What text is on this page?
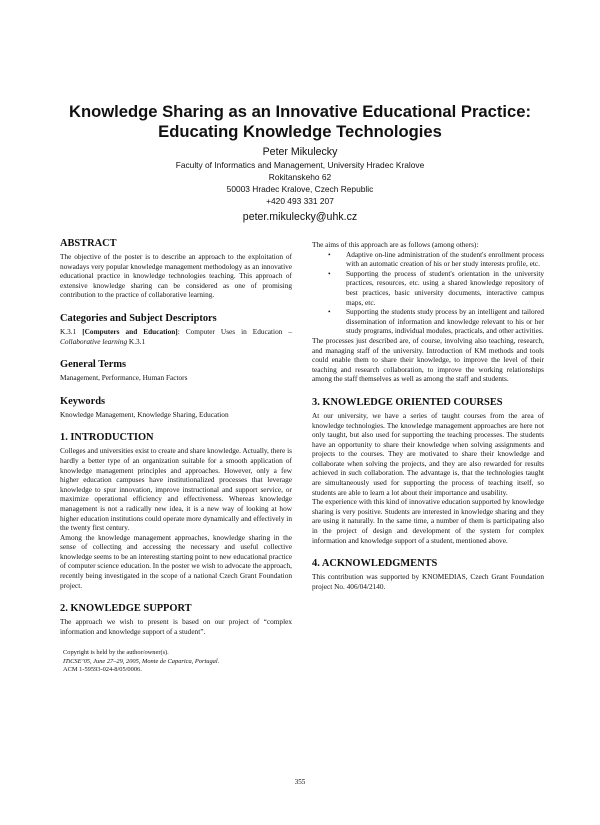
Knowledge Sharing as an Innovative Educational Practice:
Educating Knowledge Technologies
Peter Mikulecky
Faculty of Informatics and Management, University Hradec Kralove
Rokitanskeho 62
50003 Hradec Kralove, Czech Republic
+420 493 331 207
peter.mikulecky@uhk.cz
ABSTRACT

The objective of the poster is to describe an approach to the exploitation of nowadays very popular knowledge management methodology as an innovative educational practice in knowledge technologies teaching. This approach of extensive knowledge sharing can be considered as one of promising contribution to the practice of collaborative learning.

Categories and Subject Descriptors

K.3.1 [Computers and Education]: Computer Uses in Education – Collaborative learning K.3.1

General Terms

Management, Performance, Human Factors

Keywords

Knowledge Management, Knowledge Sharing, Education

1. INTRODUCTION

Colleges and universities exist to create and share knowledge. Actually, there is hardly a better type of an organization suitable for a smooth application of knowledge management principles and approaches. However, only a few higher education campuses have institutionalized processes that leverage knowledge to spur innovation, improve instructional and support service, or maximize operational efficiency and effectiveness. Whereas knowledge management is not a radically new idea, it is a new way of looking at how higher education institutions could operate more dynamically and effectively in the twenty first century.

Among the knowledge management approaches, knowledge sharing in the sense of collecting and accessing the necessary and useful collective knowledge seems to be an interesting starting point to new educational practice of computer science education. In the poster we wish to advocate the approach, recently being investigated in the scope of a national Czech Grant Foundation project.

2. KNOWLEDGE SUPPORT

The approach we wish to present is based on our project of “complex information and knowledge support of a student”.

Copyright is held by the author/owner(s).
ITiCSE’05, June 27–29, 2005, Monte de Caparica, Portugal.
ACM 1-59593-024-8/05/0006.

The aims of this approach are as follows (among others):

• Adaptive on-line administration of the student's enrollment process with an automatic creation of his or her study interests profile, etc.
• Supporting the process of student's orientation in the university practices, resources, etc. using a shared knowledge repository of best practices, basic university documents, interactive campus maps, etc.
• Supporting the students study process by an intelligent and tailored dissemination of information and knowledge relevant to his or her study programs, individual modules, practicals, and other activities.

The processes just described are, of course, involving also teaching, research, and managing staff of the university. Introduction of KM methods and tools could enable them to share their knowledge, to improve the level of their teaching and research collaboration, to improve the working relationships among the staff themselves as well as among the staff and students.

3. KNOWLEDGE ORIENTED COURSES

At our university, we have a series of taught courses from the area of knowledge technologies. The knowledge management approaches are here not only taught, but also used for supporting the teaching processes. The students have an opportunity to share their knowledge when solving assignments and projects to the courses. They are motivated to share their knowledge and collaborate when solving the projects, and they are also rewarded for results achieved in such collaboration. The advantage is, that the technologies taught are simultaneously used for supporting the process of teaching itself, so students are able to learn a lot about their importance and usability.

The experience with this kind of innovative education supported by knowledge sharing is very positive. Students are interested in knowledge sharing and they are using it naturally. In the same time, a number of them is participating also in the project of design and development of the system for complex information and knowledge support of a student, mentioned above.

4. ACKNOWLEDGMENTS

This contribution was supported by KNOMEDIAS, Czech Grant Foundation project No. 406/04/2140.

355
